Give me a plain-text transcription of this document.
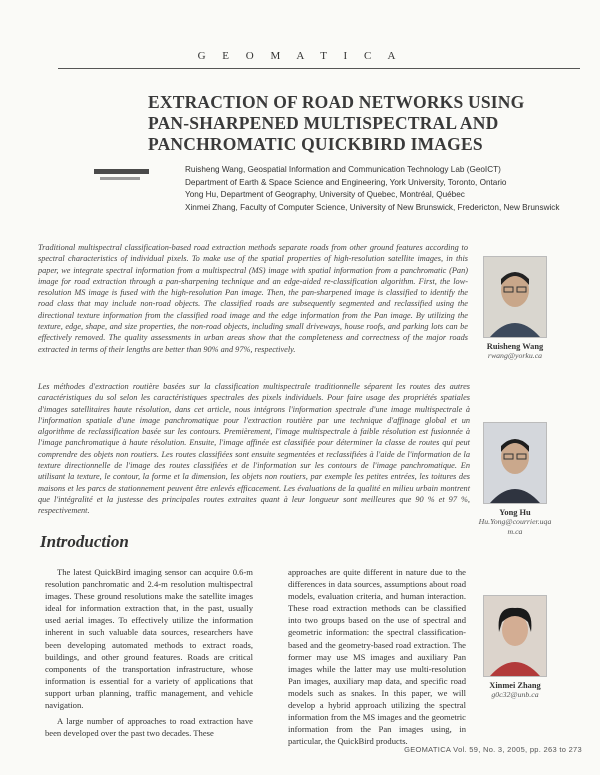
G E O M A T I C A
EXTRACTION OF ROAD NETWORKS USING
PAN-SHARPENED MULTISPECTRAL AND
PANCHROMATIC QUICKBIRD IMAGES
Ruisheng Wang, Geospatial Information and Communication Technology Lab (GeoICT)
Department of Earth & Space Science and Engineering, York University, Toronto, Ontario
Yong Hu, Department of Geography, University of Quebec, Montréal, Québec
Xinmei Zhang, Faculty of Computer Science, University of New Brunswick, Fredericton, New Brunswick

Traditional multispectral classification-based road extraction methods separate roads from other ground features according to spectral characteristics of individual pixels. To make use of the spatial properties of high-resolution satellite images, in this paper, we integrate spectral information from a multispectral (MS) image with spatial information from a panchromatic (Pan) image for road extraction through a pan-sharpening technique and an edge-aided re-classification algorithm. First, the low-resolution MS image is fused with the high-resolution Pan image. Then, the pan-sharpened image is classified to identify the road class that may include non-road objects. The classified roads are subsequently segmented and reclassified using the directional texture information from the classified road image and the edge information from the Pan image. By utilizing the texture, edge, shape, and size properties, the non-road objects, including small driveways, house roofs, and parking lots can be effectively removed. The quality assessments in urban areas show that the completeness and correctness of the major roads extracted in terms of their lengths are better than 90% and 97%, respectively.

Les méthodes d'extraction routière basées sur la classification multispectrale traditionnelle séparent les routes des autres caractéristiques du sol selon les caractéristiques spectrales des pixels individuels. Pour faire usage des propriétés spatiales d'images satellitaires haute résolution, dans cet article, nous intégrons l'information spectrale d'une image multispectrale à l'information spatiale d'une image panchromatique pour l'extraction routière par une technique d'affinage global et un algorithme de reclassification basée sur les contours. Premièrement, l'image multispectrale à faible résolution est fusionnée à l'image panchromatique à haute résolution. Ensuite, l'image affinée est classifiée pour déterminer la classe de routes qui peut comprendre des objets non routiers. Les routes classifiées sont ensuite segmentées et reclassifiées à l'aide de l'information de la texture directionnelle de l'image des routes classifiées et de l'information sur les contours de l'image panchromatique. En utilisant la texture, le contour, la forme et la dimension, les objets non routiers, par exemple les petites entrées, les toitures des maisons et les parcs de stationnement peuvent être enlevés efficacement. Les évaluations de la qualité en milieu urbain montrent que l'intégralité et la justesse des principales routes extraites quant à leur longueur sont meilleures que 90 % et 97 %, respectivement.

Introduction

The latest QuickBird imaging sensor can acquire 0.6-m resolution panchromatic and 2.4-m resolution multispectral images. These ground resolutions make the satellite images ideal for information extraction that, in the past, usually used aerial images. To effectively utilize the information inherent in such valuable data sources, researchers have been developing automated methods to extract roads, buildings, and other ground features. Roads are critical components of the transportation infrastructure, whose information is essential for a variety of applications that support urban planning, traffic management, and vehicle navigation.

A large number of approaches to road extraction have been developed over the past two decades. These

approaches are quite different in nature due to the differences in data sources, assumptions about road models, evaluation criteria, and human interaction. These road extraction methods can be classified into two groups based on the use of spectral and geometric information: the spectral classification-based and the geometry-based road extraction. The former may use MS images and auxiliary Pan images while the latter may use multi-resolution Pan images, auxiliary map data, and specific road models such as snakes. In this paper, we will develop a hybrid approach utilizing the spectral information from the MS images and the geometric information from the Pan images using, in particular, the QuickBird products.

Ruisheng Wang
rwang@yorku.ca
Yong Hu
Hu.Yong@courrier.uqam.ca
Xinmei Zhang
g0c32@unb.ca
GEOMATICA Vol. 59, No. 3, 2005, pp. 263 to 273
